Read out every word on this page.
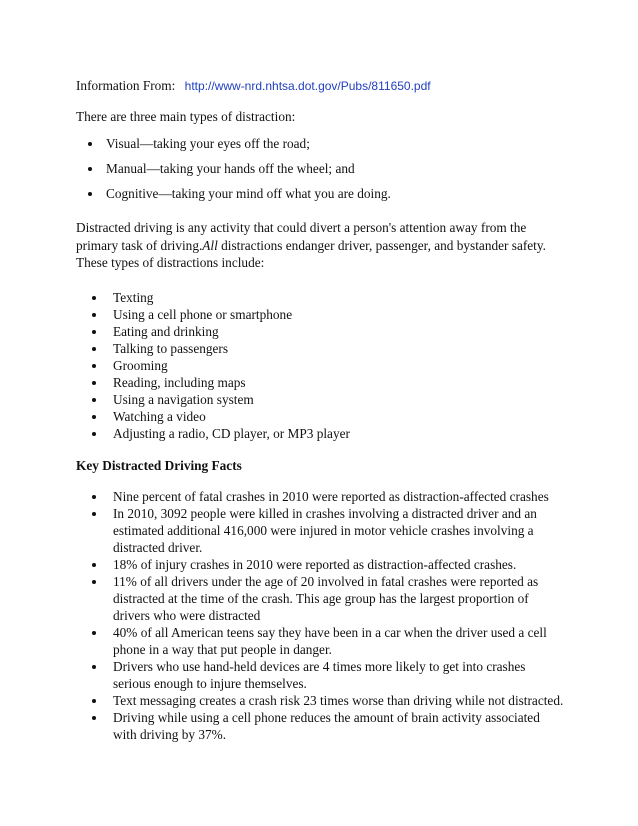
Information From: http://www-nrd.nhtsa.dot.gov/Pubs/811650.pdf
There are three main types of distraction:
Visual—taking your eyes off the road;
Manual—taking your hands off the wheel; and
Cognitive—taking your mind off what you are doing.

Distracted driving is any activity that could divert a person's attention away from the primary task of driving.All distractions endanger driver, passenger, and bystander safety. These types of distractions include:

Texting
Using a cell phone or smartphone
Eating and drinking
Talking to passengers
Grooming
Reading, including maps
Using a navigation system
Watching a video
Adjusting a radio, CD player, or MP3 player
Key Distracted Driving Facts
Nine percent of fatal crashes in 2010 were reported as distraction-affected crashes
In 2010, 3092 people were killed in crashes involving a distracted driver and an estimated additional 416,000 were injured in motor vehicle crashes involving a distracted driver.
18% of injury crashes in 2010 were reported as distraction-affected crashes.
11% of all drivers under the age of 20 involved in fatal crashes were reported as distracted at the time of the crash. This age group has the largest proportion of drivers who were distracted
40% of all American teens say they have been in a car when the driver used a cell phone in a way that put people in danger.
Drivers who use hand-held devices are 4 times more likely to get into crashes serious enough to injure themselves.
Text messaging creates a crash risk 23 times worse than driving while not distracted.
Driving while using a cell phone reduces the amount of brain activity associated with driving by 37%.
